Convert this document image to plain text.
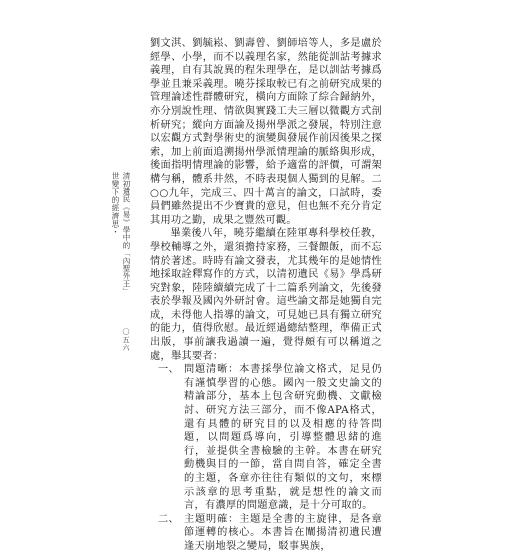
世變下的經濟思・ 清初遺民《易》學中的「內聖外王」  〇五六

劉文淇、劉毓崧、劉壽曾、劉師培等人，多是盧於經學、小學，而不以義理名家，然能從訓詁考據求義理，自有其說異的程朱理學在，是以訓詁考據爲學並且兼采義理。曉芬採取較已有之前研究成果的管理論述性群體研究，橫向方面除了綜合歸納外，亦分別說性理、情欲與實踐工夫三層以微觀方式剖析研究；縱向方面論及揚州學派之發展，特別注意以宏觀方式對學術史的演變與發展作前因後果之探索，加上前面追溯揚州學派情理論的脈絡與形成，後面指明情理論的影響，給予適當的評價，可謂架構勻稱，體系井然，不時表現個人獨到的見解。二○○九年，完成三、四十萬言的論文，口試時，委員們雖然提出不少寶貴的意見，但也無不充分肯定其用功之勤，成果之豐然可觀。

畢業後八年，曉芬繼續在陸軍專科學校任教，學校輔導之外，還須擔持家務，三餐餵飯，而不忘情於著述。時時有論文發表，尤其幾年的是她情性地採取詮釋寫作的方式，以清初遺民《易》學爲研究對象，陸陸續續完成了十二篇系列論文，先後發表於學報及國內外研討會。這些論文都是她獨自完成，未得他人指導的論文，可見她已具有獨立研究的能力，值得欣慰。最近經過總結整理，準備正式出版，事前讓我過讀一遍，覺得頗有可以稱道之處，舉其要者：

一、 問題清晰：本書採學位論文格式，足見仍有謹慎學習的心態。國內一般文史論文的精論部分，基本上包含研究動機、文獻檢討、研究方法三部分，而不像APA格式，還有具體的研究目的以及相應的待答問題，以問題爲導向，引導整體思緒的進行，並提供全書檢驗的主幹。本書在研究動機與目的一節，當自問自答，確定全書的主題，各章亦往往有類似的文句，來標示該章的思考重點，就是想性的論文而言，有濃厚的問題意識，是十分可取的。
二、 主題明確：主題是全書的主旋律，是各章節運轉的核心。本書旨在闡揚清初遺民遭逢天崩地裂之變局，駁事異族，
